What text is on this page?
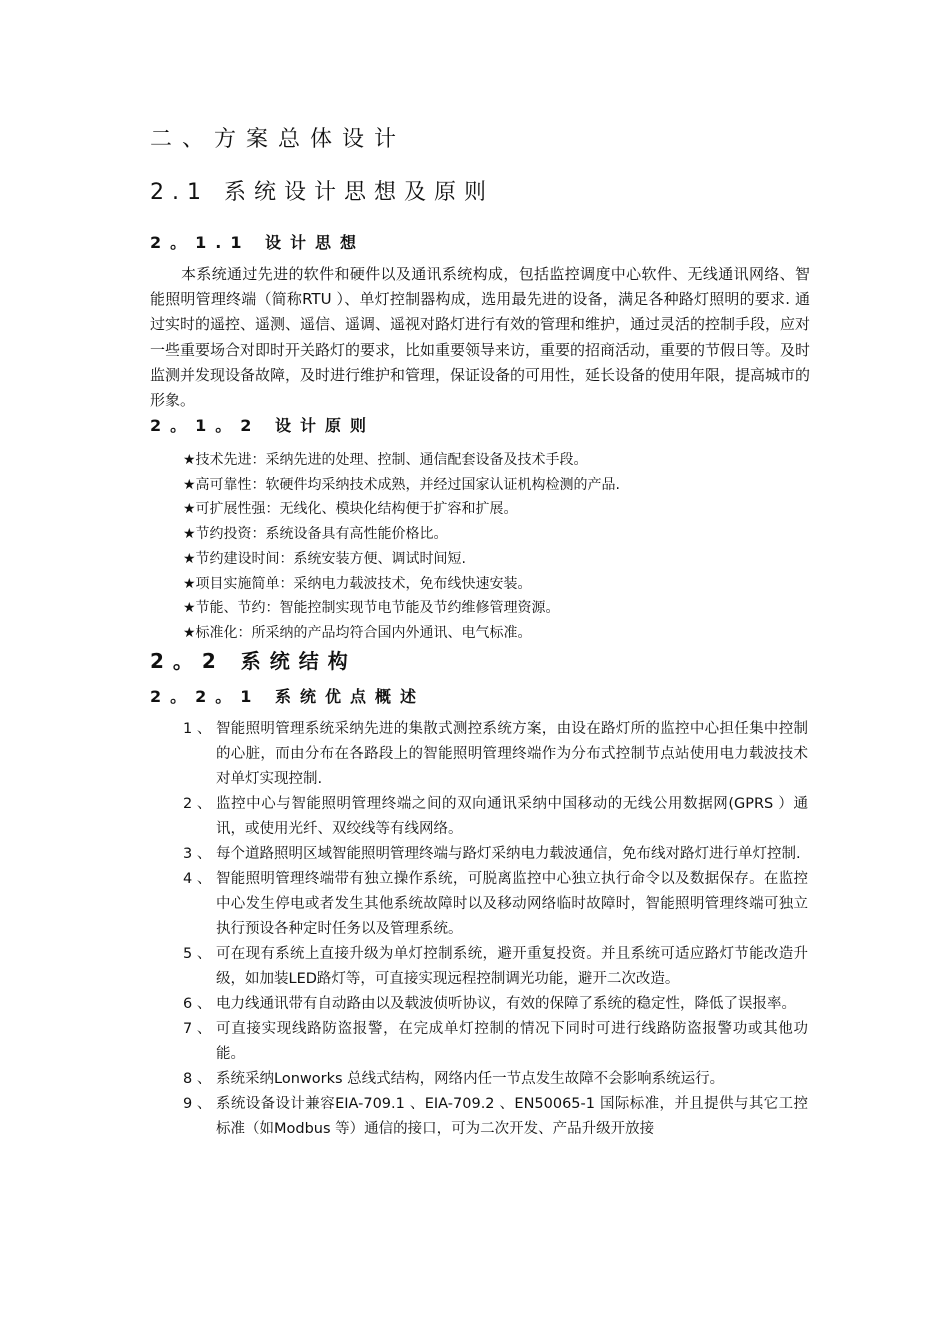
二、方案总体设计
2.1 系统设计思想及原则
2。1.1 设计思想

本系统通过先进的软件和硬件以及通讯系统构成，包括监控调度中心软件、无线通讯网络、智能照明管理终端（简称RTU ）、单灯控制器构成，选用最先进的设备，满足各种路灯照明的要求. 通过实时的遥控、遥测、遥信、遥调、遥视对路灯进行有效的管理和维护，通过灵活的控制手段，应对一些重要场合对即时开关路灯的要求，比如重要领导来访，重要的招商活动，重要的节假日等。及时监测并发现设备故障，及时进行维护和管理，保证设备的可用性，延长设备的使用年限，提高城市的形象。

2。1。2 设计原则
★技术先进：采纳先进的处理、控制、通信配套设备及技术手段。
★高可靠性：软硬件均采纳技术成熟，并经过国家认证机构检测的产品.
★可扩展性强：无线化、模块化结构便于扩容和扩展。
★节约投资：系统设备具有高性能价格比。
★节约建设时间：系统安装方便、调试时间短.
★项目实施简单：采纳电力载波技术，免布线快速安装。
★节能、节约：智能控制实现节电节能及节约维修管理资源。
★标准化：所采纳的产品均符合国内外通讯、电气标准。
2。2 系统结构
2。2。1 系统优点概述
1 、 智能照明管理系统采纳先进的集散式测控系统方案，由设在路灯所的监控中心担任集中控制的心脏，而由分布在各路段上的智能照明管理终端作为分布式控制节点站使用电力载波技术对单灯实现控制.
2 、 监控中心与智能照明管理终端之间的双向通讯采纳中国移动的无线公用数据网(GPRS ）通讯，或使用光纤、双绞线等有线网络。
3 、 每个道路照明区域智能照明管理终端与路灯采纳电力载波通信，免布线对路灯进行单灯控制.
4 、 智能照明管理终端带有独立操作系统，可脱离监控中心独立执行命令以及数据保存。在监控中心发生停电或者发生其他系统故障时以及移动网络临时故障时，智能照明管理终端可独立执行预设各种定时任务以及管理系统。
5 、 可在现有系统上直接升级为单灯控制系统，避开重复投资。并且系统可适应路灯节能改造升级，如加装LED路灯等，可直接实现远程控制调光功能，避开二次改造。
6 、 电力线通讯带有自动路由以及载波侦听协议，有效的保障了系统的稳定性，降低了误报率。
7 、 可直接实现线路防盗报警，在完成单灯控制的情况下同时可进行线路防盗报警功或其他功能。
8 、 系统采纳Lonworks 总线式结构，网络内任一节点发生故障不会影响系统运行。
9 、 系统设备设计兼容EIA-709.1 、EIA-709.2 、EN50065-1 国际标准，并且提供与其它工控标准（如Modbus 等）通信的接口，可为二次开发、产品升级开放接
